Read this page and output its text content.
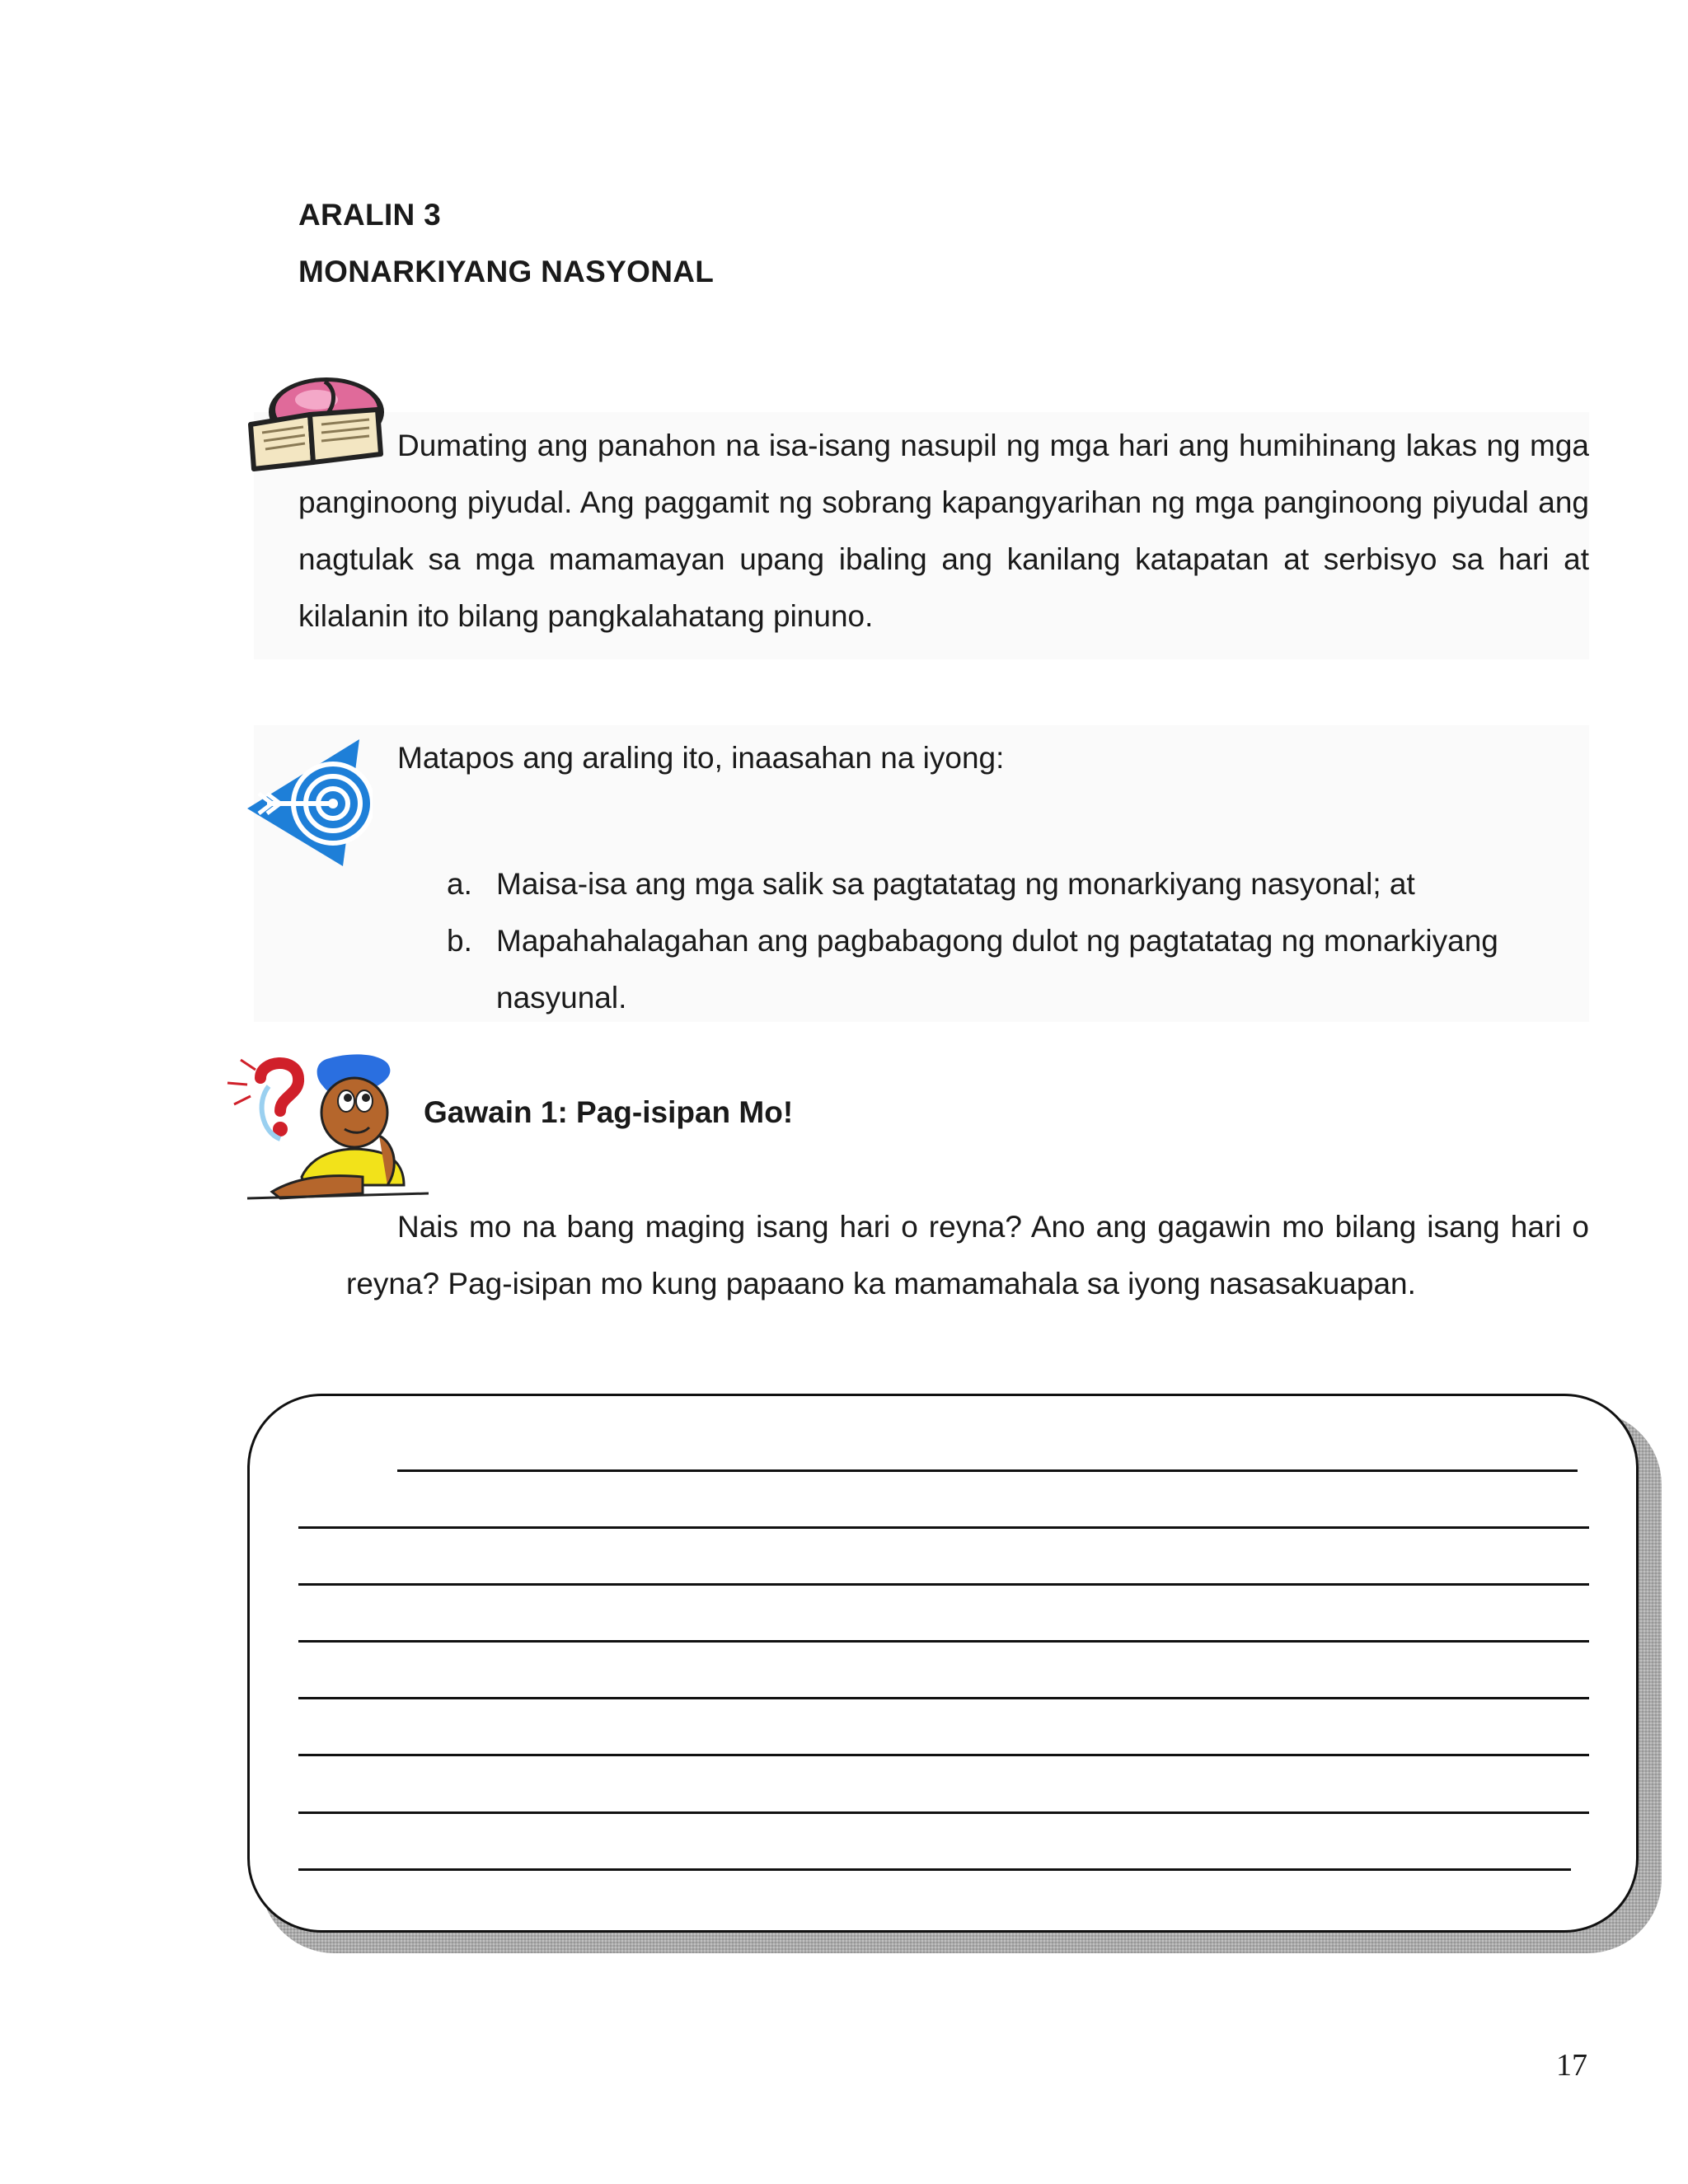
ARALIN 3
MONARKIYANG NASYONAL

Dumating ang panahon na isa-isang nasupil ng mga hari ang humihinang lakas ng mga panginoong piyudal. Ang paggamit ng sobrang kapangyarihan ng mga panginoong piyudal ang nagtulak sa mga mamamayan upang ibaling ang kanilang katapatan at serbisyo sa hari at kilalanin ito bilang pangkalahatang pinuno.

Matapos ang araling ito, inaasahan na iyong:
a. Maisa-isa ang mga salik sa pagtatatag ng monarkiyang nasyonal; at
b. Mapahahalagahan ang pagbabagong dulot ng pagtatatag ng monarkiyang nasyunal.
Gawain 1: Pag-isipan Mo!

Nais mo na bang maging isang hari o reyna? Ano ang gagawin mo bilang isang hari o reyna? Pag-isipan mo kung papaano ka mamamahala sa iyong nasasakuapan.

17
